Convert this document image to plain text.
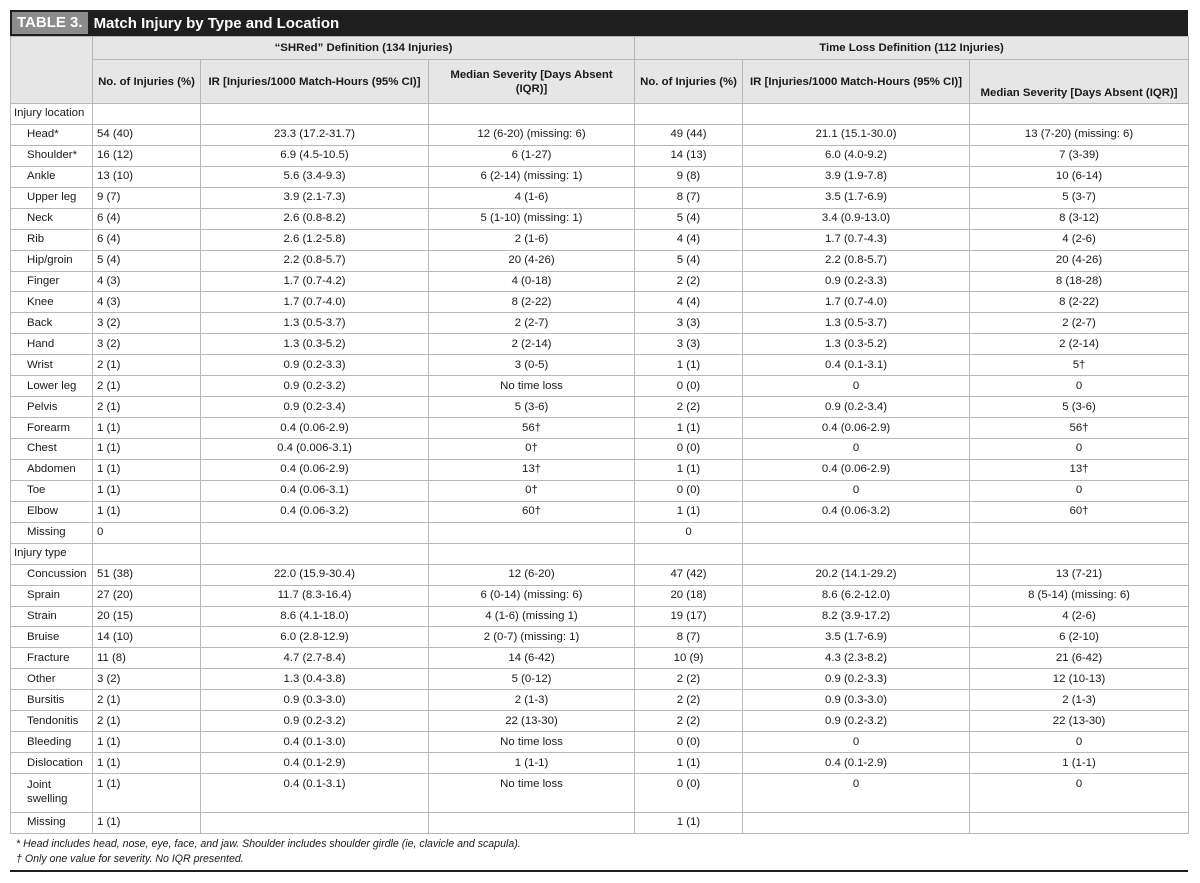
TABLE 3. Match Injury by Type and Location
	“SHRed” Definition (134 Injuries)			Time Loss Definition (112 Injuries)		
	No. of Injuries (%)	IR [Injuries/1000 Match-Hours (95% CI)]	Median Severity [Days Absent (IQR)]	No. of Injuries (%)	IR [Injuries/1000 Match-Hours (95% CI)]	Median Severity [Days Absent (IQR)]
Injury location						
Head*	54 (40)	23.3 (17.2-31.7)	12 (6-20) (missing: 6)	49 (44)	21.1 (15.1-30.0)	13 (7-20) (missing: 6)
Shoulder*	16 (12)	6.9 (4.5-10.5)	6 (1-27)	14 (13)	6.0 (4.0-9.2)	7 (3-39)
Ankle	13 (10)	5.6 (3.4-9.3)	6 (2-14) (missing: 1)	9 (8)	3.9 (1.9-7.8)	10 (6-14)
Upper leg	9 (7)	3.9 (2.1-7.3)	4 (1-6)	8 (7)	3.5 (1.7-6.9)	5 (3-7)
Neck	6 (4)	2.6 (0.8-8.2)	5 (1-10) (missing: 1)	5 (4)	3.4 (0.9-13.0)	8 (3-12)
Rib	6 (4)	2.6 (1.2-5.8)	2 (1-6)	4 (4)	1.7 (0.7-4.3)	4 (2-6)
Hip/groin	5 (4)	2.2 (0.8-5.7)	20 (4-26)	5 (4)	2.2 (0.8-5.7)	20 (4-26)
Finger	4 (3)	1.7 (0.7-4.2)	4 (0-18)	2 (2)	0.9 (0.2-3.3)	8 (18-28)
Knee	4 (3)	1.7 (0.7-4.0)	8 (2-22)	4 (4)	1.7 (0.7-4.0)	8 (2-22)
Back	3 (2)	1.3 (0.5-3.7)	2 (2-7)	3 (3)	1.3 (0.5-3.7)	2 (2-7)
Hand	3 (2)	1.3 (0.3-5.2)	2 (2-14)	3 (3)	1.3 (0.3-5.2)	2 (2-14)
Wrist	2 (1)	0.9 (0.2-3.3)	3 (0-5)	1 (1)	0.4 (0.1-3.1)	5†
Lower leg	2 (1)	0.9 (0.2-3.2)	No time loss	0 (0)	0	0
Pelvis	2 (1)	0.9 (0.2-3.4)	5 (3-6)	2 (2)	0.9 (0.2-3.4)	5 (3-6)
Forearm	1 (1)	0.4 (0.06-2.9)	56†	1 (1)	0.4 (0.06-2.9)	56†
Chest	1 (1)	0.4 (0.006-3.1)	0†	0 (0)	0	0
Abdomen	1 (1)	0.4 (0.06-2.9)	13†	1 (1)	0.4 (0.06-2.9)	13†
Toe	1 (1)	0.4 (0.06-3.1)	0†	0 (0)	0	0
Elbow	1 (1)	0.4 (0.06-3.2)	60†	1 (1)	0.4 (0.06-3.2)	60†
Missing	0			0		
Injury type						
Concussion	51 (38)	22.0 (15.9-30.4)	12 (6-20)	47 (42)	20.2 (14.1-29.2)	13 (7-21)
Sprain	27 (20)	11.7 (8.3-16.4)	6 (0-14) (missing: 6)	20 (18)	8.6 (6.2-12.0)	8 (5-14) (missing: 6)
Strain	20 (15)	8.6 (4.1-18.0)	4 (1-6) (missing 1)	19 (17)	8.2 (3.9-17.2)	4 (2-6)
Bruise	14 (10)	6.0 (2.8-12.9)	2 (0-7) (missing: 1)	8 (7)	3.5 (1.7-6.9)	6 (2-10)
Fracture	11 (8)	4.7 (2.7-8.4)	14 (6-42)	10 (9)	4.3 (2.3-8.2)	21 (6-42)
Other	3 (2)	1.3 (0.4-3.8)	5 (0-12)	2 (2)	0.9 (0.2-3.3)	12 (10-13)
Bursitis	2 (1)	0.9 (0.3-3.0)	2 (1-3)	2 (2)	0.9 (0.3-3.0)	2 (1-3)
Tendonitis	2 (1)	0.9 (0.2-3.2)	22 (13-30)	2 (2)	0.9 (0.2-3.2)	22 (13-30)
Bleeding	1 (1)	0.4 (0.1-3.0)	No time loss	0 (0)	0	0
Dislocation	1 (1)	0.4 (0.1-2.9)	1 (1-1)	1 (1)	0.4 (0.1-2.9)	1 (1-1)
Joint swelling	1 (1)	0.4 (0.1-3.1)	No time loss	0 (0)	0	0
Missing	1 (1)			1 (1)		
* Head includes head, nose, eye, face, and jaw. Shoulder includes shoulder girdle (ie, clavicle and scapula).
† Only one value for severity. No IQR presented.
